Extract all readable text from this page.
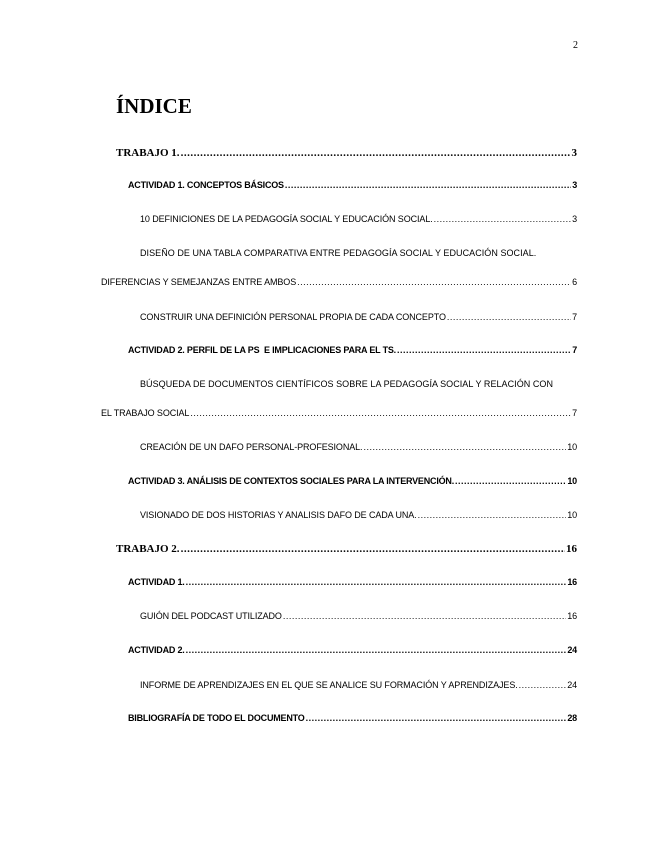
2
ÍNDICE
TRABAJO 1. .....	3
ACTIVIDAD 1. CONCEPTOS BÁSICOS .....	3
10 DEFINICIONES DE LA PEDAGOGÍA SOCIAL Y EDUCACIÓN SOCIAL. .....	3
DISEÑO DE UNA TABLA COMPARATIVA ENTRE PEDAGOGÍA SOCIAL Y EDUCACIÓN SOCIAL.
DIFERENCIAS Y SEMEJANZAS ENTRE AMBOS .....	6
CONSTRUIR UNA DEFINICIÓN PERSONAL PROPIA DE CADA CONCEPTO .....	7
ACTIVIDAD 2. PERFIL DE LA PS  E IMPLICACIONES PARA EL TS. .....	7
BÚSQUEDA DE DOCUMENTOS CIENTÍFICOS SOBRE LA PEDAGOGÍA SOCIAL Y RELACIÓN CON
EL TRABAJO SOCIAL .....	7
CREACIÓN DE UN DAFO PERSONAL-PROFESIONAL. .....	10
ACTIVIDAD 3. ANÁLISIS DE CONTEXTOS SOCIALES PARA LA INTERVENCIÓN. .....	10
VISIONADO DE DOS HISTORIAS Y ANALISIS DAFO DE CADA UNA. .....	10
TRABAJO 2. .....	16
ACTIVIDAD 1. .....	16
GUIÓN DEL PODCAST UTILIZADO .....	16
ACTIVIDAD 2. .....	24
INFORME DE APRENDIZAJES EN EL QUE SE ANALICE SU FORMACIÓN Y APRENDIZAJES. .....	24
BIBLIOGRAFÍA DE TODO EL DOCUMENTO .....	28
